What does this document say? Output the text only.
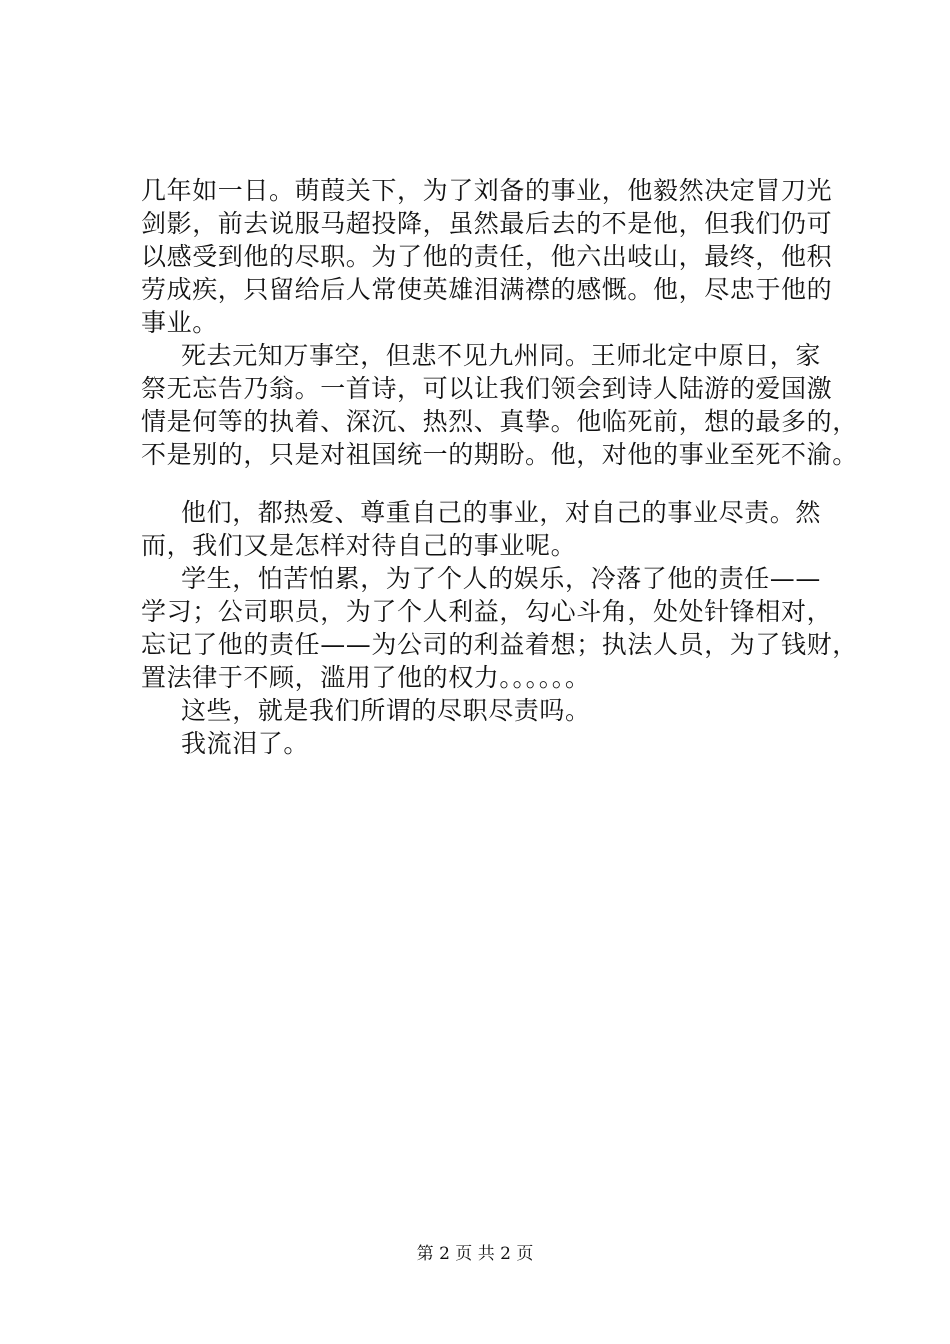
几年如一日。萌葭关下，为了刘备的事业，他毅然决定冒刀光
剑影，前去说服马超投降，虽然最后去的不是他，但我们仍可
以感受到他的尽职。为了他的责任，他六出岐山，最终，他积
劳成疾，只留给后人常使英雄泪满襟的感慨。他，尽忠于他的
事业。
死去元知万事空，但悲不见九州同。王师北定中原日，家
祭无忘告乃翁。一首诗，可以让我们领会到诗人陆游的爱国激
情是何等的执着、深沉、热烈、真挚。他临死前，想的最多的，
不是别的，只是对祖国统一的期盼。他，对他的事业至死不渝。
他们，都热爱、尊重自己的事业，对自己的事业尽责。然
而，我们又是怎样对待自己的事业呢。
学生，怕苦怕累，为了个人的娱乐，冷落了他的责任——
学习；公司职员，为了个人利益，勾心斗角，处处针锋相对，
忘记了他的责任——为公司的利益着想；执法人员，为了钱财，
置法律于不顾，滥用了他的权力。。。。。。
这些，就是我们所谓的尽职尽责吗。
我流泪了。
第 2 页 共 2 页
